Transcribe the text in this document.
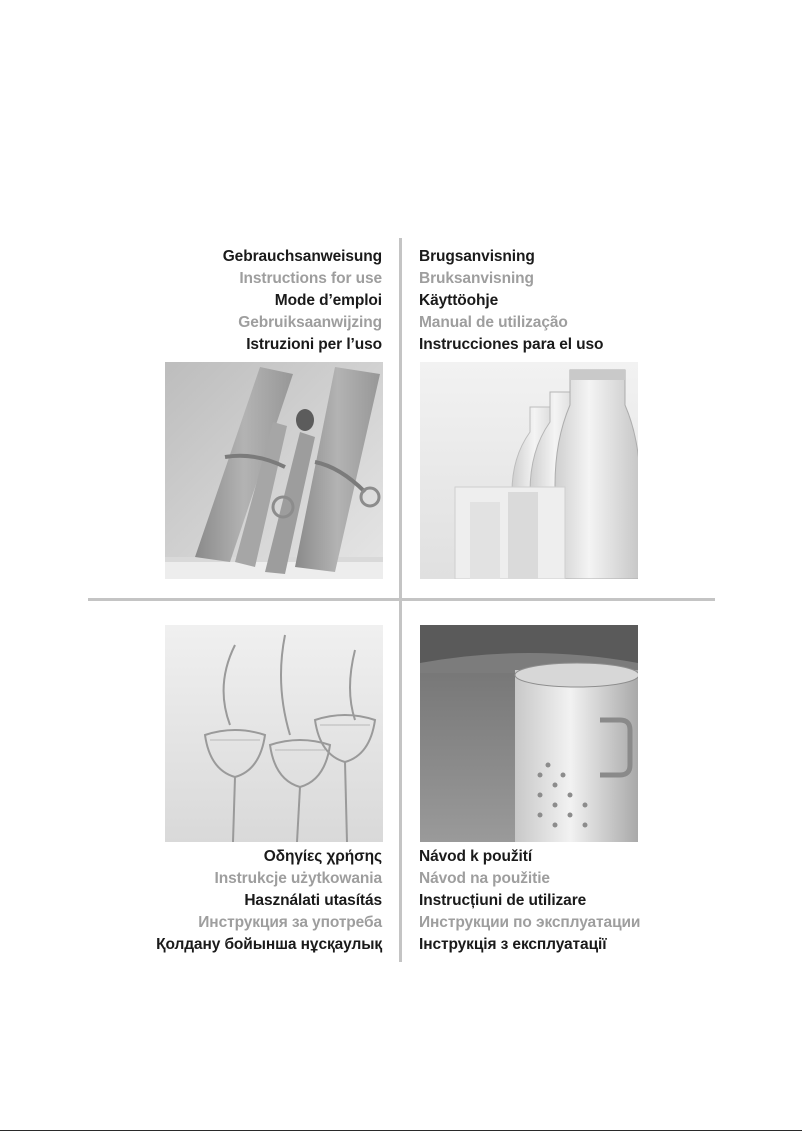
Gebrauchsanweisung
Instructions for use
Mode d’emploi
Gebruiksaanwijzing
Istruzioni per l’uso
Brugsanvisning
Bruksanvisning
Käyttöohje
Manual de utilização
Instrucciones para el uso
Οδηγίες χρήσης
Instrukcje użytkowania
Használati utasítás
Инструкция за употреба
Қолдану бойынша нұсқаулық
Návod k použití
Návod na použitie
Instrucțiuni de utilizare
Инструкции по эксплуатации
Інструкція з експлуатації
